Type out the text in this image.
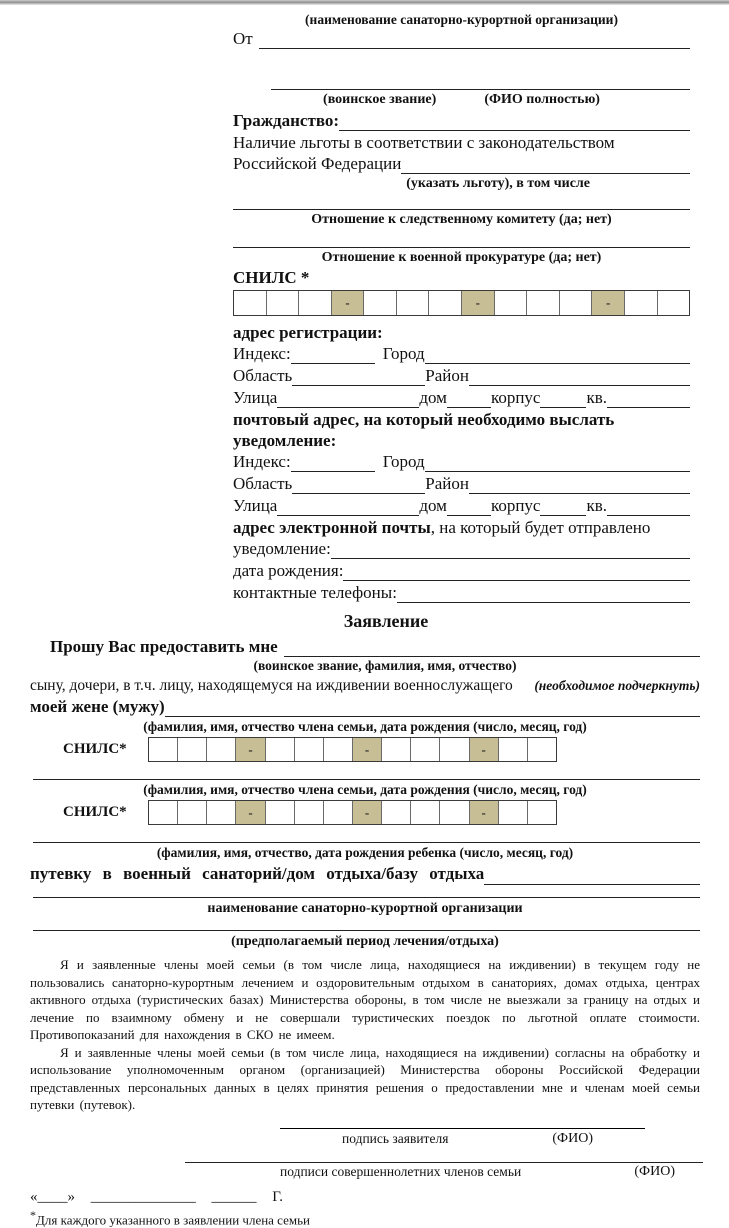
(наименование санаторно-курортной организации)
От
(воинское звание)	(ФИО полностью)
Гражданство:
Наличие льготы в соответствии с законодательством
Российской Федерации
(указать льготу), в том числе
Отношение к следственному комитету (да; нет)
Отношение к военной прокуратуре (да; нет)
СНИЛС *
-	-	-
адрес регистрации:
Индекс:	Город
Область	Район
Улица	дом	корпус	кв.
почтовый адрес, на который необходимо выслать
уведомление:
Индекс:	Город
Область	Район
Улица	дом	корпус	кв.
адрес электронной почты, на который будет отправлено
уведомление:
дата рождения:
контактные телефоны:
Заявление
Прошу Вас предоставить мне
(воинское звание, фамилия, имя, отчество)
сыну, дочери, в т.ч. лицу, находящемуся на иждивении военнослужащего (необходимое подчеркнуть)
моей жене (мужу)
(фамилия, имя, отчество члена семьи, дата рождения (число, месяц, год)
СНИЛС*	-	-	-
(фамилия, имя, отчество члена семьи, дата рождения (число, месяц, год)
СНИЛС*	-	-	-
(фамилия, имя, отчество, дата рождения ребенка (число, месяц, год)
путевку в военный санаторий/дом отдыха/базу отдыха
наименование санаторно-курортной организации
(предполагаемый период лечения/отдыха)

Я и заявленные члены моей семьи (в том числе лица, находящиеся на иждивении) в текущем году не пользовались санаторно-курортным лечением и оздоровительным отдыхом в санаториях, домах отдыха, центрах активного отдыха (туристических базах) Министерства обороны, в том числе не выезжали за границу на отдых и лечение по взаимному обмену и не совершали туристических поездок по льготной оплате стоимости. Противопоказаний для нахождения в СКО не имеем.

Я и заявленные члены моей семьи (в том числе лица, находящиеся на иждивении) согласны на обработку и использование уполномоченным органом (организацией) Министерства обороны Российской Федерации представленных персональных данных в целях принятия решения о предоставлении мне и членам моей семьи путевки (путевок).

подпись заявителя	(ФИО)
подписи совершеннолетних членов семьи	(ФИО)
«____» ______________ ______ Г.
*Для каждого указанного в заявлении члена семьи
